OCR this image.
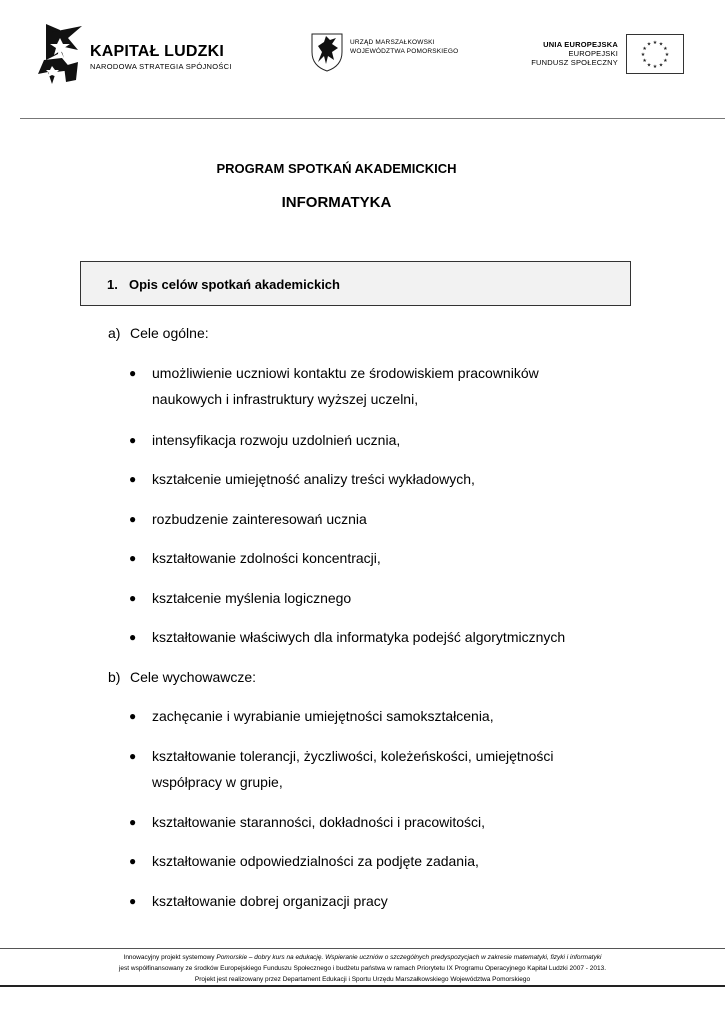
KAPITAŁ LUDZKI
NARODOWA STRATEGIA SPÓJNOŚCI
URZĄD MARSZAŁKOWSKI
WOJEWÓDZTWA POMORSKIEGO
UNIA EUROPEJSKA
EUROPEJSKI
FUNDUSZ SPOŁECZNY
★ ★
★
★
★
★
★
★
★
★
★
★
PROGRAM SPOTKAŃ AKADEMICKICH
INFORMATYKA
1. Opis celów spotkań akademickich
a) Cele ogólne:
● umożliwienie uczniowi kontaktu ze środowiskiem pracowników
naukowych i infrastruktury wyższej uczelni,
● intensyfikacja rozwoju uzdolnień ucznia,
● kształcenie umiejętność analizy treści wykładowych,
● rozbudzenie zainteresowań ucznia
● kształtowanie zdolności koncentracji,
● kształcenie myślenia logicznego
● kształtowanie właściwych dla informatyka podejść algorytmicznych
b) Cele wychowawcze:
● zachęcanie i wyrabianie umiejętności samokształcenia,
● kształtowanie tolerancji, życzliwości, koleżeńskości, umiejętności
współpracy w grupie,
● kształtowanie staranności, dokładności i pracowitości,
● kształtowanie odpowiedzialności za podjęte zadania,
● kształtowanie dobrej organizacji pracy
Innowacyjny projekt systemowy Pomorskie – dobry kurs na edukację. Wspieranie uczniów o szczególnych predyspozycjach w zakresie matematyki, fizyki i informatyki
jest współfinansowany ze środków Europejskiego Funduszu Społecznego i budżetu państwa w ramach Priorytetu IX Programu Operacyjnego Kapitał Ludzki 2007 - 2013.
Projekt jest realizowany przez Departament Edukacji i Sportu Urzędu Marszałkowskiego Województwa Pomorskiego
